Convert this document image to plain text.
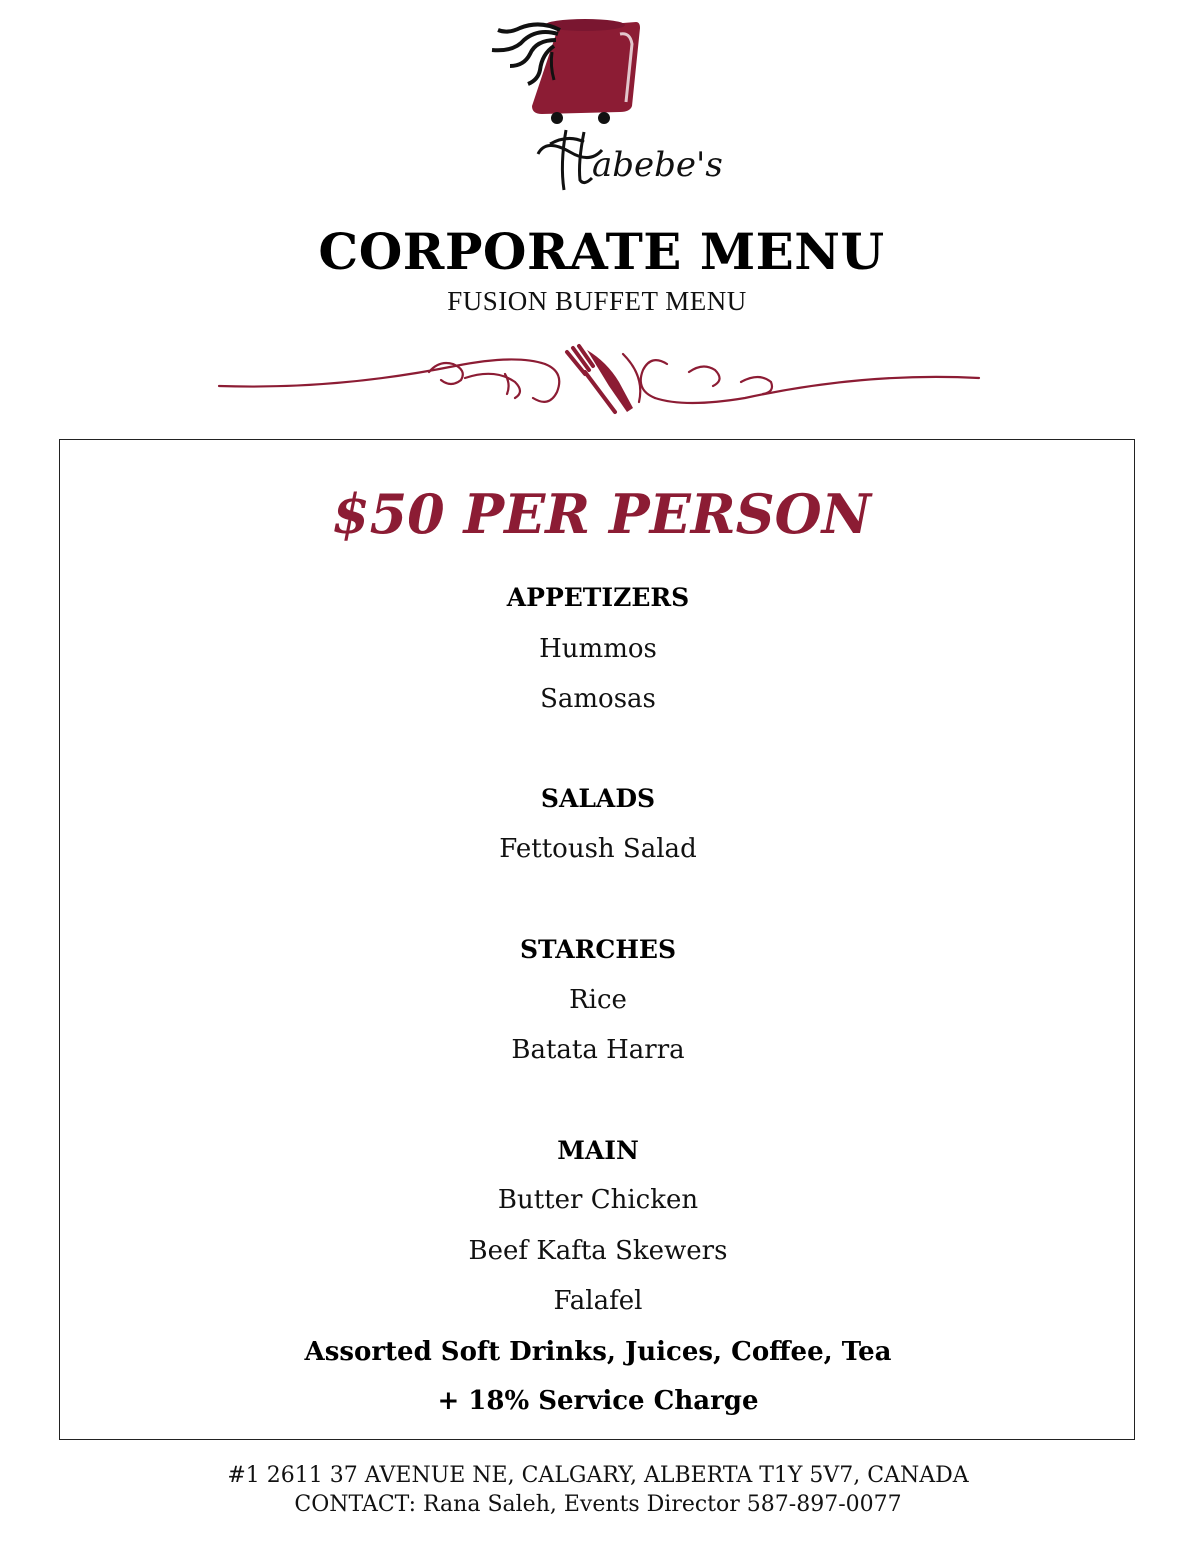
abebe's
CORPORATE MENU
FUSION BUFFET MENU
$50 PER PERSON
APPETIZERS
Hummos
Samosas
SALADS
Fettoush Salad
STARCHES
Rice
Batata Harra
MAIN
Butter Chicken
Beef Kafta Skewers
Falafel
Assorted Soft Drinks, Juices, Coffee, Tea
+ 18% Service Charge
#1 2611 37 AVENUE NE, CALGARY, ALBERTA T1Y 5V7, CANADA
CONTACT: Rana Saleh, Events Director 587-897-0077
